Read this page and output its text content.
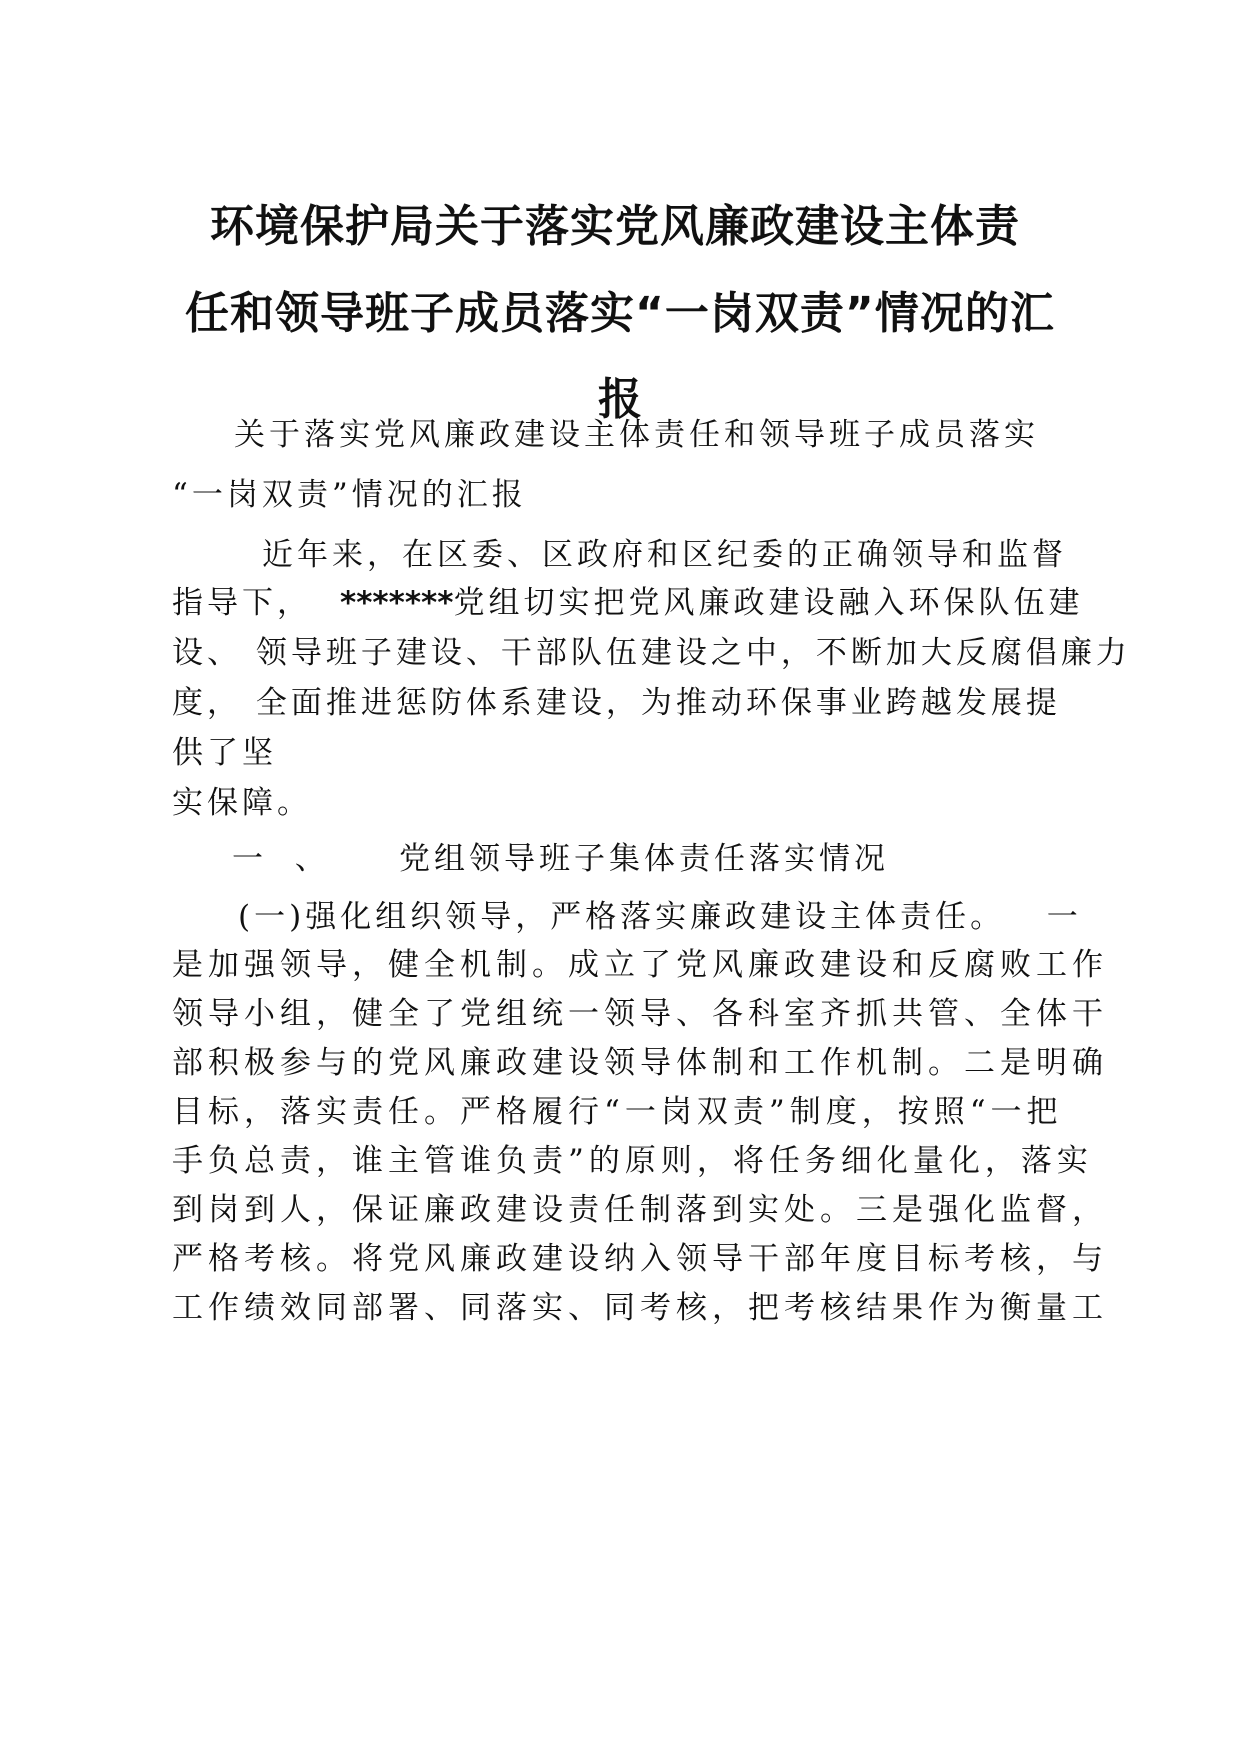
环境保护局关于落实党风廉政建设主体责
任和领导班子成员落实“一岗双责”情况的汇
报
关于落实党风廉政建设主体责任和领导班子成员落实
“一岗双责”情况的汇报
近年来，在区委、区政府和区纪委的正确领导和监督
指导下， *******党组切实把党风廉政建设融入环保队伍建
设、 领导班子建设、干部队伍建设之中，不断加大反腐倡廉力
度， 全面推进惩防体系建设，为推动环保事业跨越发展提
供了坚
实保障。
一  、     党组领导班子集体责任落实情况
(一)强化组织领导，严格落实廉政建设主体责任。   一
是加强领导，健全机制。成立了党风廉政建设和反腐败工作
领导小组，健全了党组统一领导、各科室齐抓共管、全体干
部积极参与的党风廉政建设领导体制和工作机制。二是明确
目标，落实责任。严格履行“一岗双责”制度，按照“一把
手负总责，谁主管谁负责”的原则，将任务细化量化，落实
到岗到人，保证廉政建设责任制落到实处。三是强化监督，
严格考核。将党风廉政建设纳入领导干部年度目标考核，与
工作绩效同部署、同落实、同考核，把考核结果作为衡量工
